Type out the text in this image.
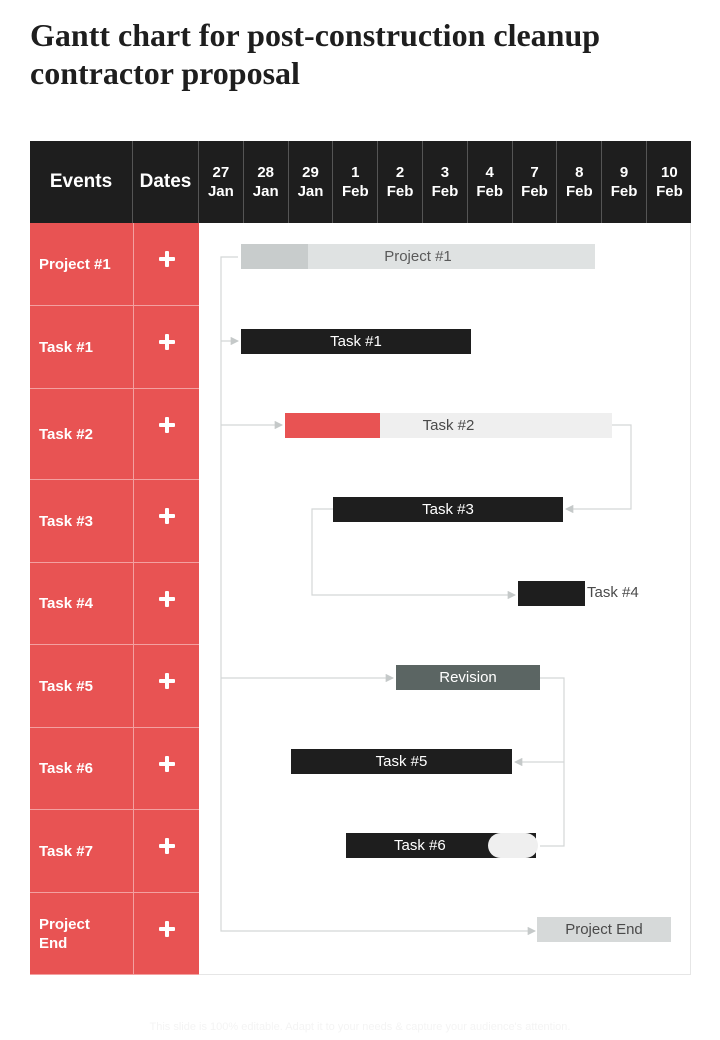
Gantt chart for post-construction cleanup contractor proposal
Events	Dates	27
Jan
28
Jan
29
Jan
1
Feb
2
Feb
3
Feb
4
Feb
7
Feb
8
Feb
9
Feb
10
Feb
Project #1
Task #1
Task #2
Task #3
Task #4
Task #5
Task #6
Task #7
Project
End
Project #1
Task #1
Task #2
Task #3
Task #4
Revision
Task #5
Task #6
Project End
This slide is 100% editable. Adapt it to your needs & capture your audience's attention.
